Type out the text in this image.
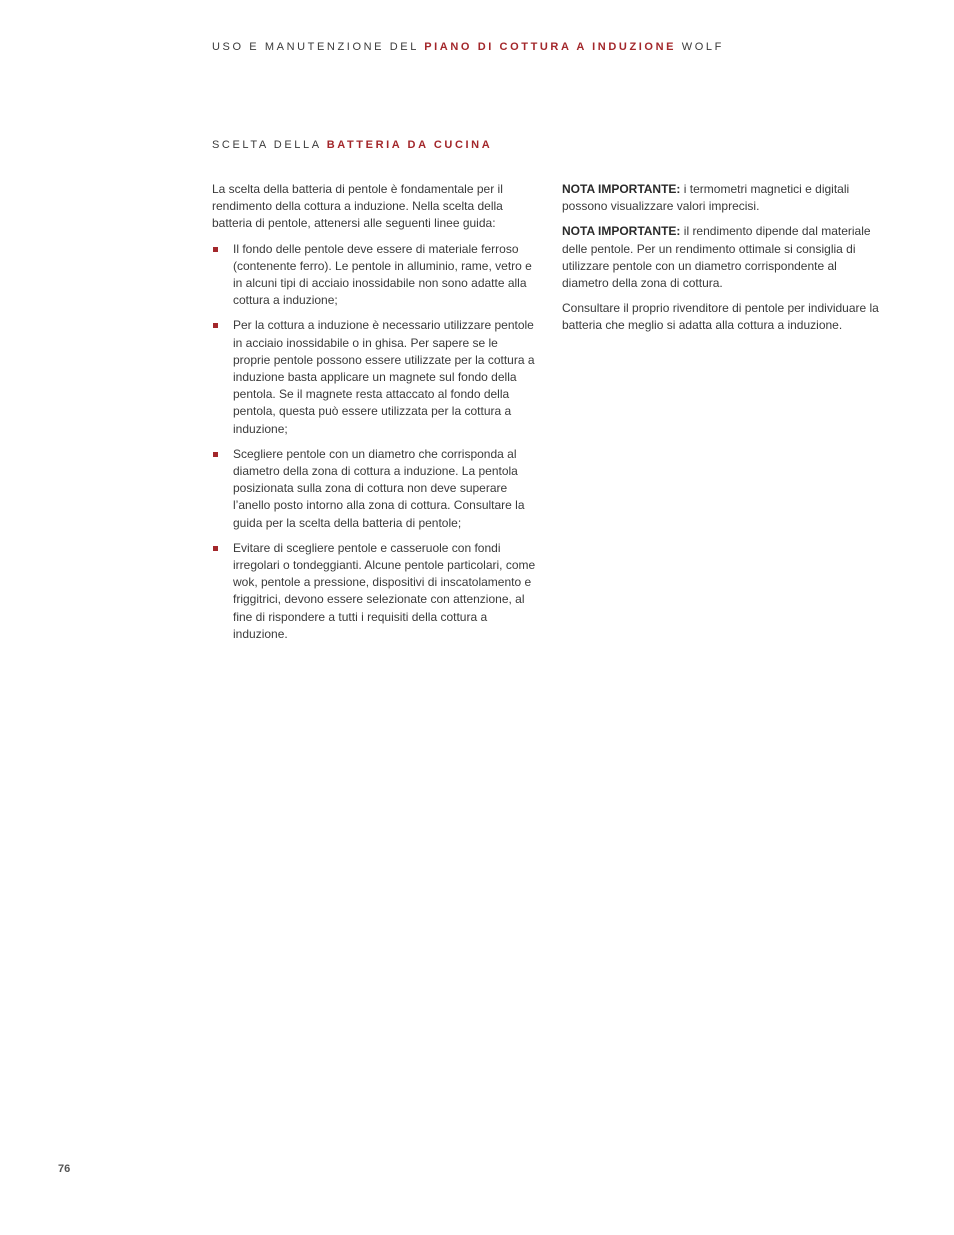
USO E MANUTENZIONE DEL PIANO DI COTTURA A INDUZIONE WOLF
SCELTA DELLA BATTERIA DA CUCINA

La scelta della batteria di pentole è fondamentale per il rendimento della cottura a induzione. Nella scelta della batteria di pentole, attenersi alle seguenti linee guida:

Il fondo delle pentole deve essere di materiale ferroso (contenente ferro). Le pentole in alluminio, rame, vetro e in alcuni tipi di acciaio inossidabile non sono adatte alla cottura a induzione;
Per la cottura a induzione è necessario utilizzare pentole in acciaio inossidabile o in ghisa. Per sapere se le proprie pentole possono essere utilizzate per la cottura a induzione basta applicare un magnete sul fondo della pentola. Se il magnete resta attaccato al fondo della pentola, questa può essere utilizzata per la cottura a induzione;
Scegliere pentole con un diametro che corrisponda al diametro della zona di cottura a induzione. La pentola posizionata sulla zona di cottura non deve superare l’anello posto intorno alla zona di cottura. Consultare la guida per la scelta della batteria di pentole;
Evitare di scegliere pentole e casseruole con fondi irregolari o tondeggianti. Alcune pentole particolari, come wok, pentole a pressione, dispositivi di inscatolamento e friggitrici, devono essere selezionate con attenzione, al fine di rispondere a tutti i requisiti della cottura a induzione.

NOTA IMPORTANTE: i termometri magnetici e digitali possono visualizzare valori imprecisi.

NOTA IMPORTANTE: il rendimento dipende dal materiale delle pentole. Per un rendimento ottimale si consiglia di utilizzare pentole con un diametro corrispondente al diametro della zona di cottura.

Consultare il proprio rivenditore di pentole per individuare la batteria che meglio si adatta alla cottura a induzione.

76
